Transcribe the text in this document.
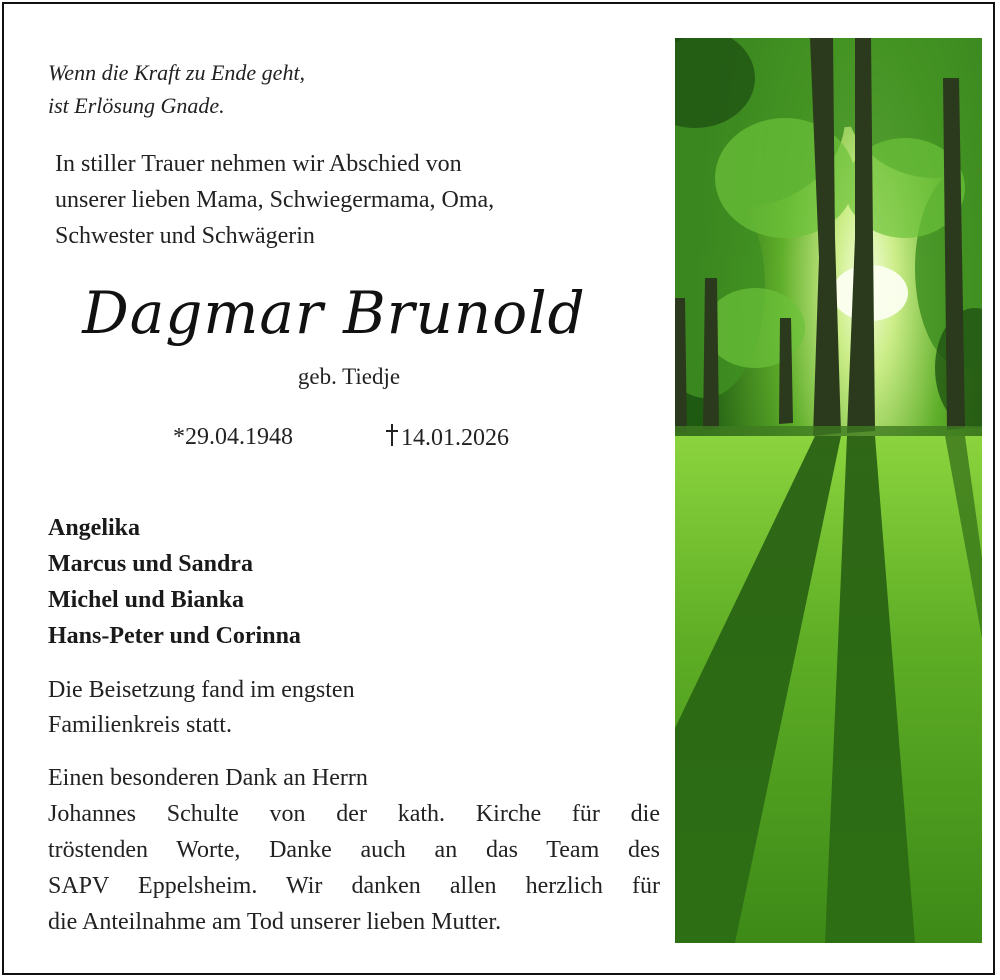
Wenn die Kraft zu Ende geht,
ist Erlösung Gnade.
In stiller Trauer nehmen wir Abschied von
unserer lieben Mama, Schwiegermama, Oma,
Schwester und Schwägerin
Dagmar Brunold
geb. Tiedje
*29.04.1948	14.01.2026
Angelika
Marcus und Sandra
Michel und Bianka
Hans-Peter und Corinna
Die Beisetzung fand im engsten
Familienkreis statt.
Einen besonderen Dank an Herrn
Johannes Schulte von der kath. Kirche für die
tröstenden Worte, Danke auch an das Team des
SAPV Eppelsheim. Wir danken allen herzlich für
die Anteilnahme am Tod unserer lieben Mutter.
